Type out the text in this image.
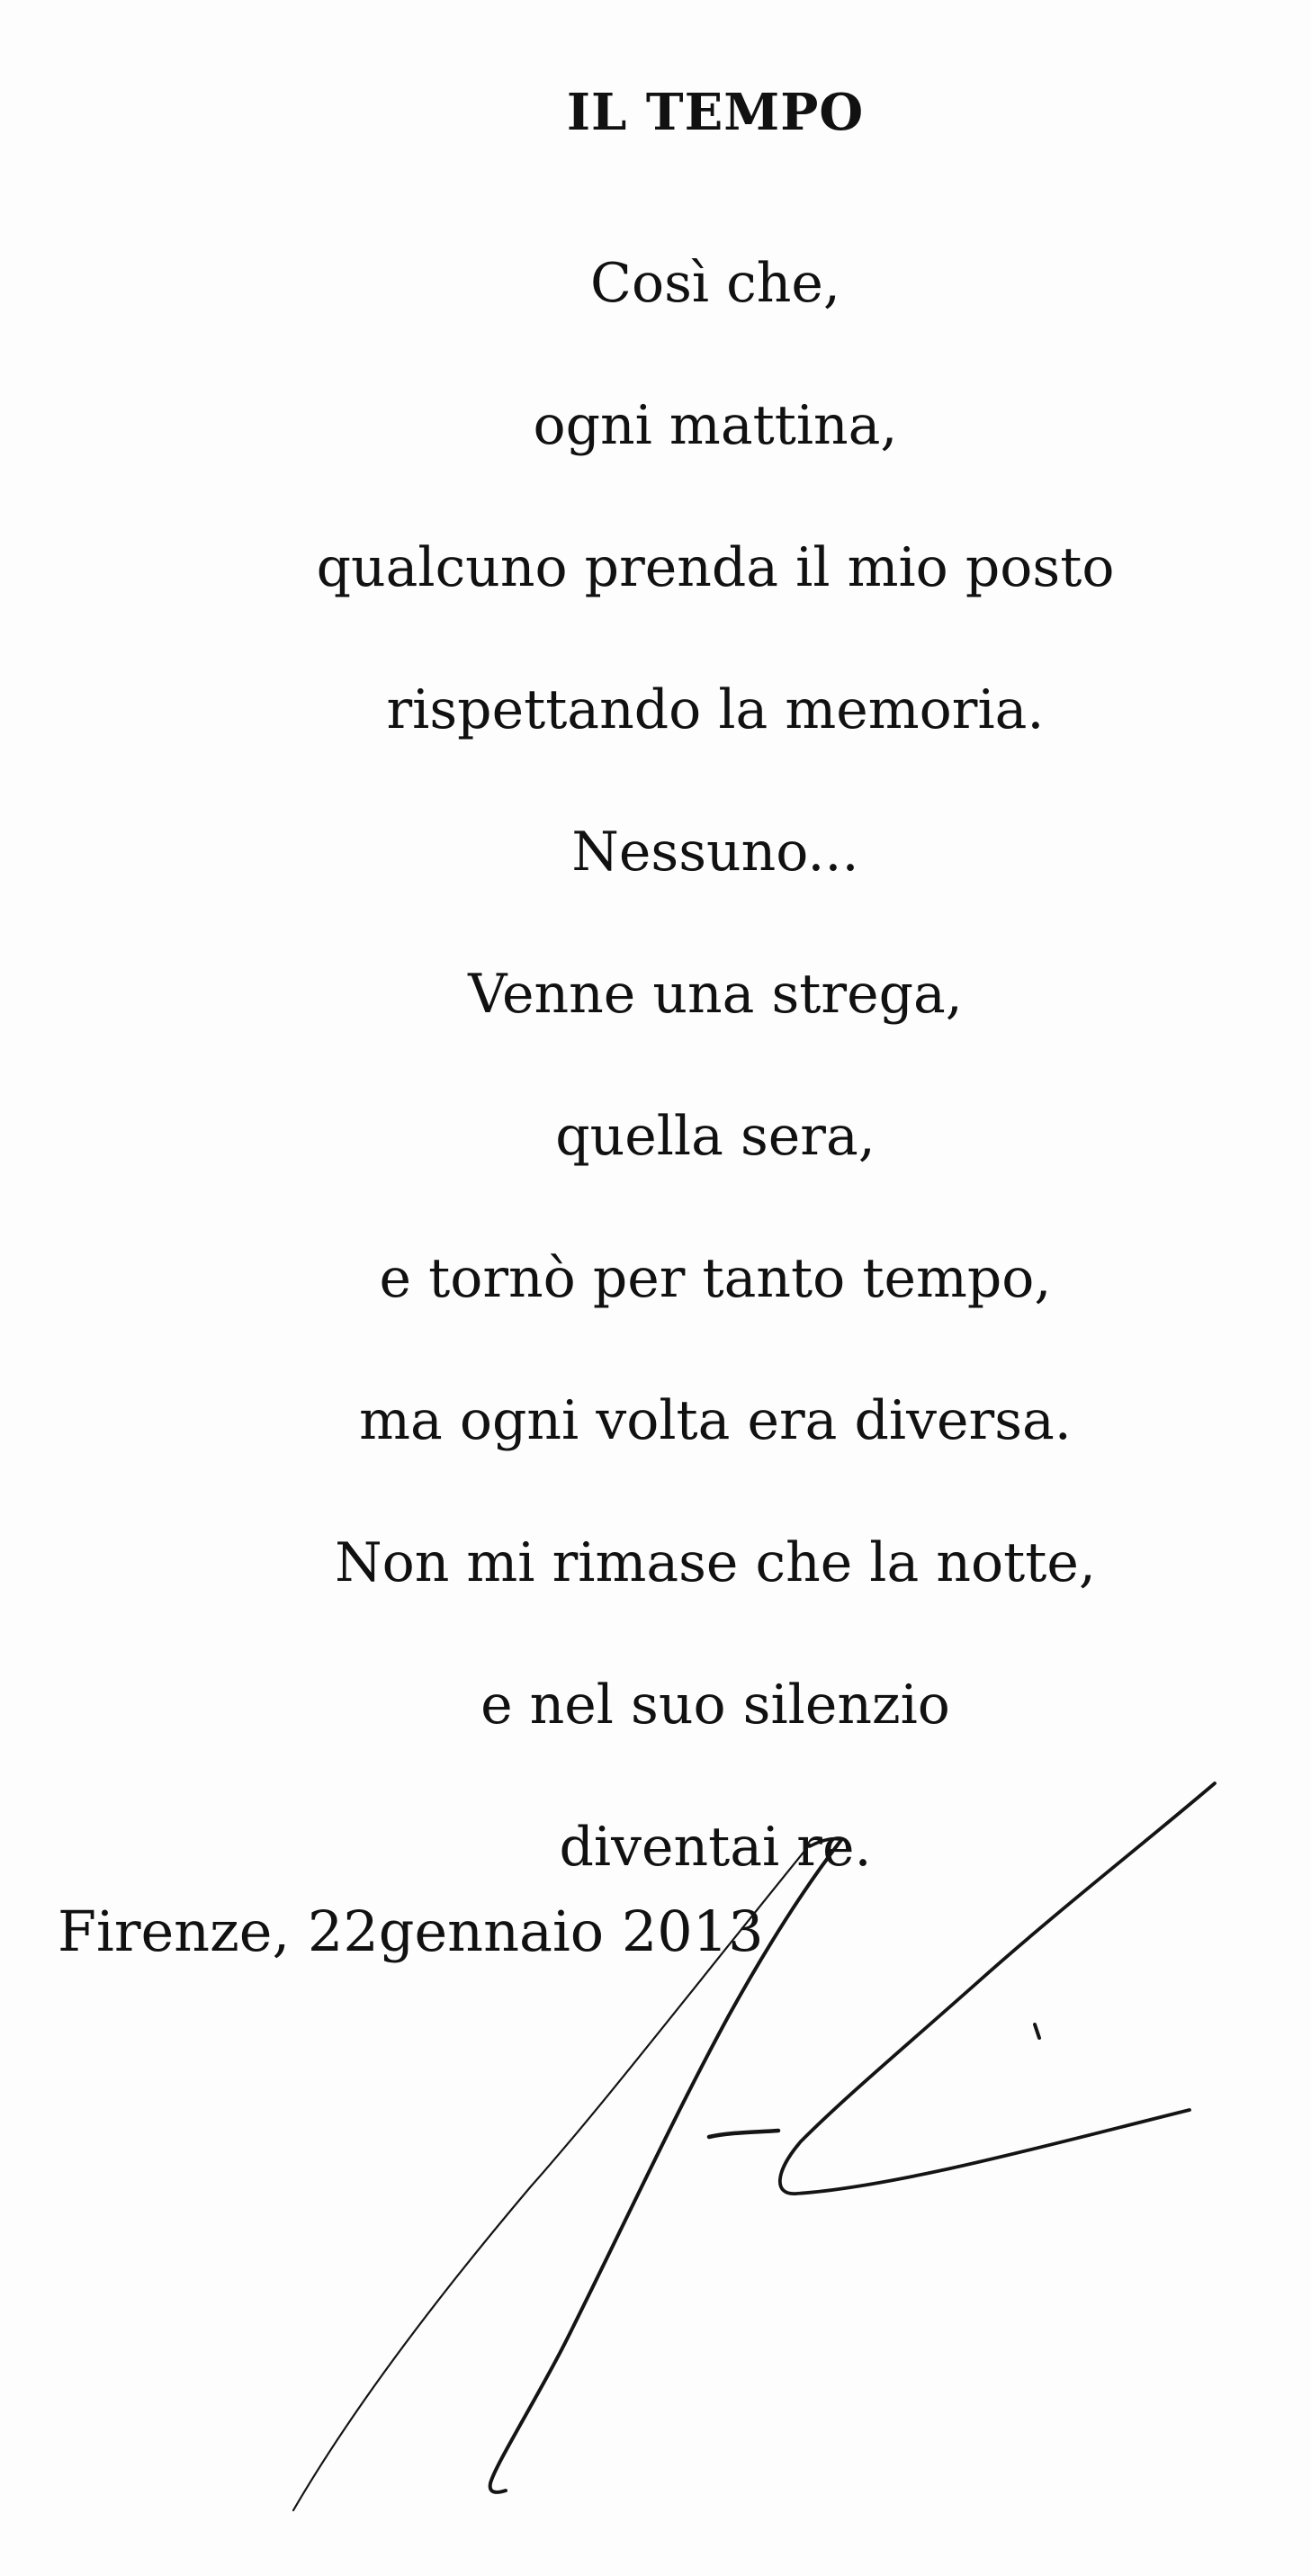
IL TEMPO
Così che,
ogni mattina,
qualcuno prenda il mio posto
rispettando la memoria.
Nessuno...
Venne una strega,
quella sera,
e tornò per tanto tempo,
ma ogni volta era diversa.
Non mi rimase che la notte,
e nel suo silenzio
diventai re.
Firenze, 22gennaio 2013
